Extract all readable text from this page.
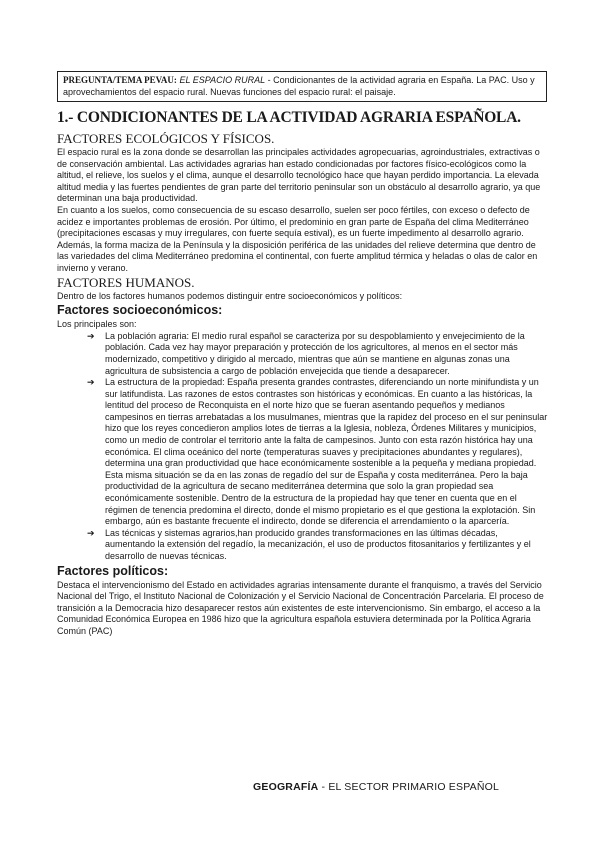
PREGUNTA/TEMA PEVAU: EL ESPACIO RURAL - Condicionantes de la actividad agraria en España. La PAC. Uso y aprovechamientos del espacio rural. Nuevas funciones del espacio rural: el paisaje.
1.- CONDICIONANTES DE LA ACTIVIDAD AGRARIA ESPAÑOLA.
FACTORES ECOLÓGICOS Y FÍSICOS.

El espacio rural es la zona donde se desarrollan las principales actividades agropecuarias, agroindustriales, extractivas o de conservación ambiental. Las actividades agrarias han estado condicionadas por factores físico-ecológicos como la altitud, el relieve, los suelos y el clima, aunque el desarrollo tecnológico hace que hayan perdido importancia. La elevada altitud media y las fuertes pendientes de gran parte del territorio peninsular son un obstáculo al desarrollo agrario, ya que determinan una baja productividad.

En cuanto a los suelos, como consecuencia de su escaso desarrollo, suelen ser poco fértiles, con exceso o defecto de acidez e importantes problemas de erosión. Por último, el predominio en gran parte de España del clima Mediterráneo (precipitaciones escasas y muy irregulares, con fuerte sequía estival), es un fuerte impedimento al desarrollo agrario. Además, la forma maciza de la Península y la disposición periférica de las unidades del relieve determina que dentro de las variedades del clima Mediterráneo predomina el continental, con fuerte amplitud térmica y heladas o olas de calor en invierno y verano.

FACTORES HUMANOS.

Dentro de los factores humanos podemos distinguir entre socioeconómicos y políticos:

Factores socioeconómicos:

Los principales son:

➔ La población agraria: El medio rural español se caracteriza por su despoblamiento y envejecimiento de la población. Cada vez hay mayor preparación y protección de los agricultores, al menos en el sector más modernizado, competitivo y dirigido al mercado, mientras que aún se mantiene en algunas zonas una agricultura de subsistencia a cargo de población envejecida que tiende a desaparecer.
➔ La estructura de la propiedad: España presenta grandes contrastes, diferenciando un norte minifundista y un sur latifundista. Las razones de estos contrastes son históricas y económicas. En cuanto a las históricas, la lentitud del proceso de Reconquista en el norte hizo que se fueran asentando pequeños y medianos campesinos en tierras arrebatadas a los musulmanes, mientras que la rapidez del proceso en el sur peninsular hizo que los reyes concedieron amplios lotes de tierras a la Iglesia, nobleza, Órdenes Militares y municipios, como un medio de controlar el territorio ante la falta de campesinos. Junto con esta razón histórica hay una económica. El clima oceánico del norte (temperaturas suaves y precipitaciones abundantes y regulares), determina una gran productividad que hace económicamente sostenible a la pequeña y mediana propiedad. Esta misma situación se da en las zonas de regadío del sur de España y costa mediterránea. Pero la baja productividad de la agricultura de secano mediterránea determina que solo la gran propiedad sea económicamente sostenible. Dentro de la estructura de la propiedad hay que tener en cuenta que en el régimen de tenencia predomina el directo, donde el mismo propietario es el que gestiona la explotación. Sin embargo, aún es bastante frecuente el indirecto, donde se diferencia el arrendamiento o la aparcería.
➔ Las técnicas y sistemas agrarios,han producido grandes transformaciones en las últimas décadas, aumentando la extensión del regadío, la mecanización, el uso de productos fitosanitarios y fertilizantes y el desarrollo de nuevas técnicas.
Factores políticos:

Destaca el intervencionismo del Estado en actividades agrarias intensamente durante el franquismo, a través del Servicio Nacional del Trigo, el Instituto Nacional de Colonización y el Servicio Nacional de Concentración Parcelaria. El proceso de transición a la Democracia hizo desaparecer restos aún existentes de este intervencionismo. Sin embargo, el acceso a la Comunidad Económica Europea en 1986 hizo que la agricultura española estuviera determinada por la Política Agraria Común (PAC)

GEOGRAFÍA - EL SECTOR PRIMARIO ESPAÑOL
